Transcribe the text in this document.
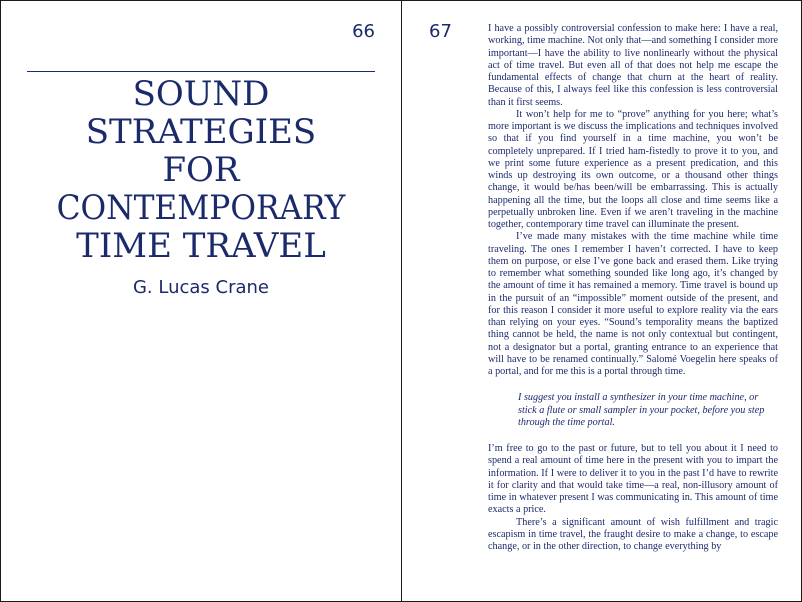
66
SOUND
STRATEGIES
FOR
CONTEMPORARY
TIME TRAVEL
G. Lucas Crane
67	I have a possibly controversial confession to make here: I have a real, working, time machine. Not only that—and something I consider more important—I have the ability to live nonlinearly without the physical act of time travel. But even all of that does not help me escape the fundamental effects of change that churn at the heart of reality. Because of this, I always feel like this confession is less controversial than it first seems.

It won’t help for me to “prove” anything for you here; what’s more important is we discuss the implications and techniques involved so that if you find yourself in a time machine, you won’t be completely unprepared. If I tried ham-fistedly to prove it to you, and we print some future experience as a present predication, and this winds up destroying its own outcome, or a thousand other things change, it would be/has been/will be embarrassing. This is actually happening all the time, but the loops all close and time seems like a perpetually unbroken line. Even if we aren’t traveling in the machine together, contemporary time travel can illuminate the present.

I’ve made many mistakes with the time machine while time traveling. The ones I remember I haven’t corrected. I have to keep them on purpose, or else I’ve gone back and erased them. Like trying to remember what something sounded like long ago, it’s changed by the amount of time it has remained a memory. Time travel is bound up in the pursuit of an “impossible” moment outside of the present, and for this reason I consider it more useful to explore reality via the ears than relying on your eyes. “Sound’s temporality means the baptized thing cannot be held, the name is not only contextual but contingent, not a designator but a portal, granting entrance to an experience that will have to be renamed continually.” Salomé Voegelin here speaks of a portal, and for me this is a portal through time.

I suggest you install a synthesizer in your time machine, or stick a flute or small sampler in your pocket, before you step through the time portal.

I’m free to go to the past or future, but to tell you about it I need to spend a real amount of time here in the present with you to impart the information. If I were to deliver it to you in the past I’d have to rewrite it for clarity and that would take time—a real, non-illusory amount of time in whatever present I was communicating in. This amount of time exacts a price.

There’s a significant amount of wish fulfillment and tragic escapism in time travel, the fraught desire to make a change, to escape change, or in the other direction, to change everything by
